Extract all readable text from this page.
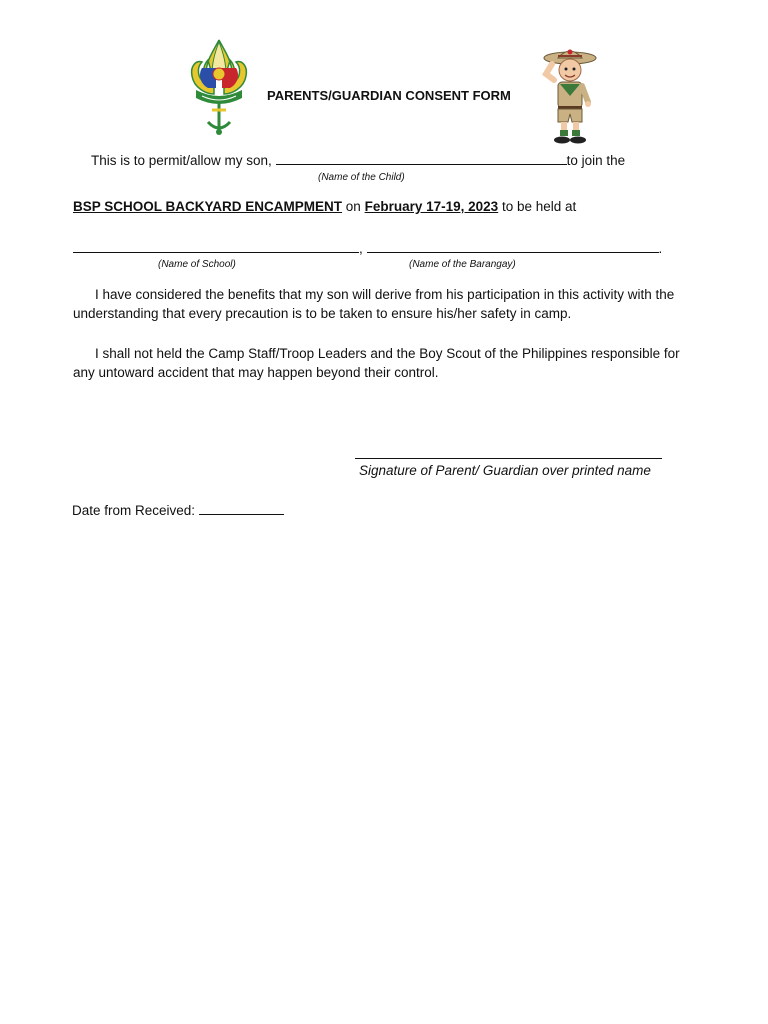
PARENTS/GUARDIAN CONSENT FORM
This is to permit/allow my son,	to join the
(Name of the Child)
BSP SCHOOL BACKYARD ENCAMPMENT on February 17-19, 2023 to be held at
,	.
(Name of School)	(Name of the Barangay)
I have considered the benefits that my son will derive from his participation in this activity with the understanding that every precaution is to be taken to ensure his/her safety in camp.
I shall not held the Camp Staff/Troop Leaders and the Boy Scout of the Philippines responsible for any untoward accident that may happen beyond their control.
Signature of Parent/ Guardian over printed name
Date from Received:
